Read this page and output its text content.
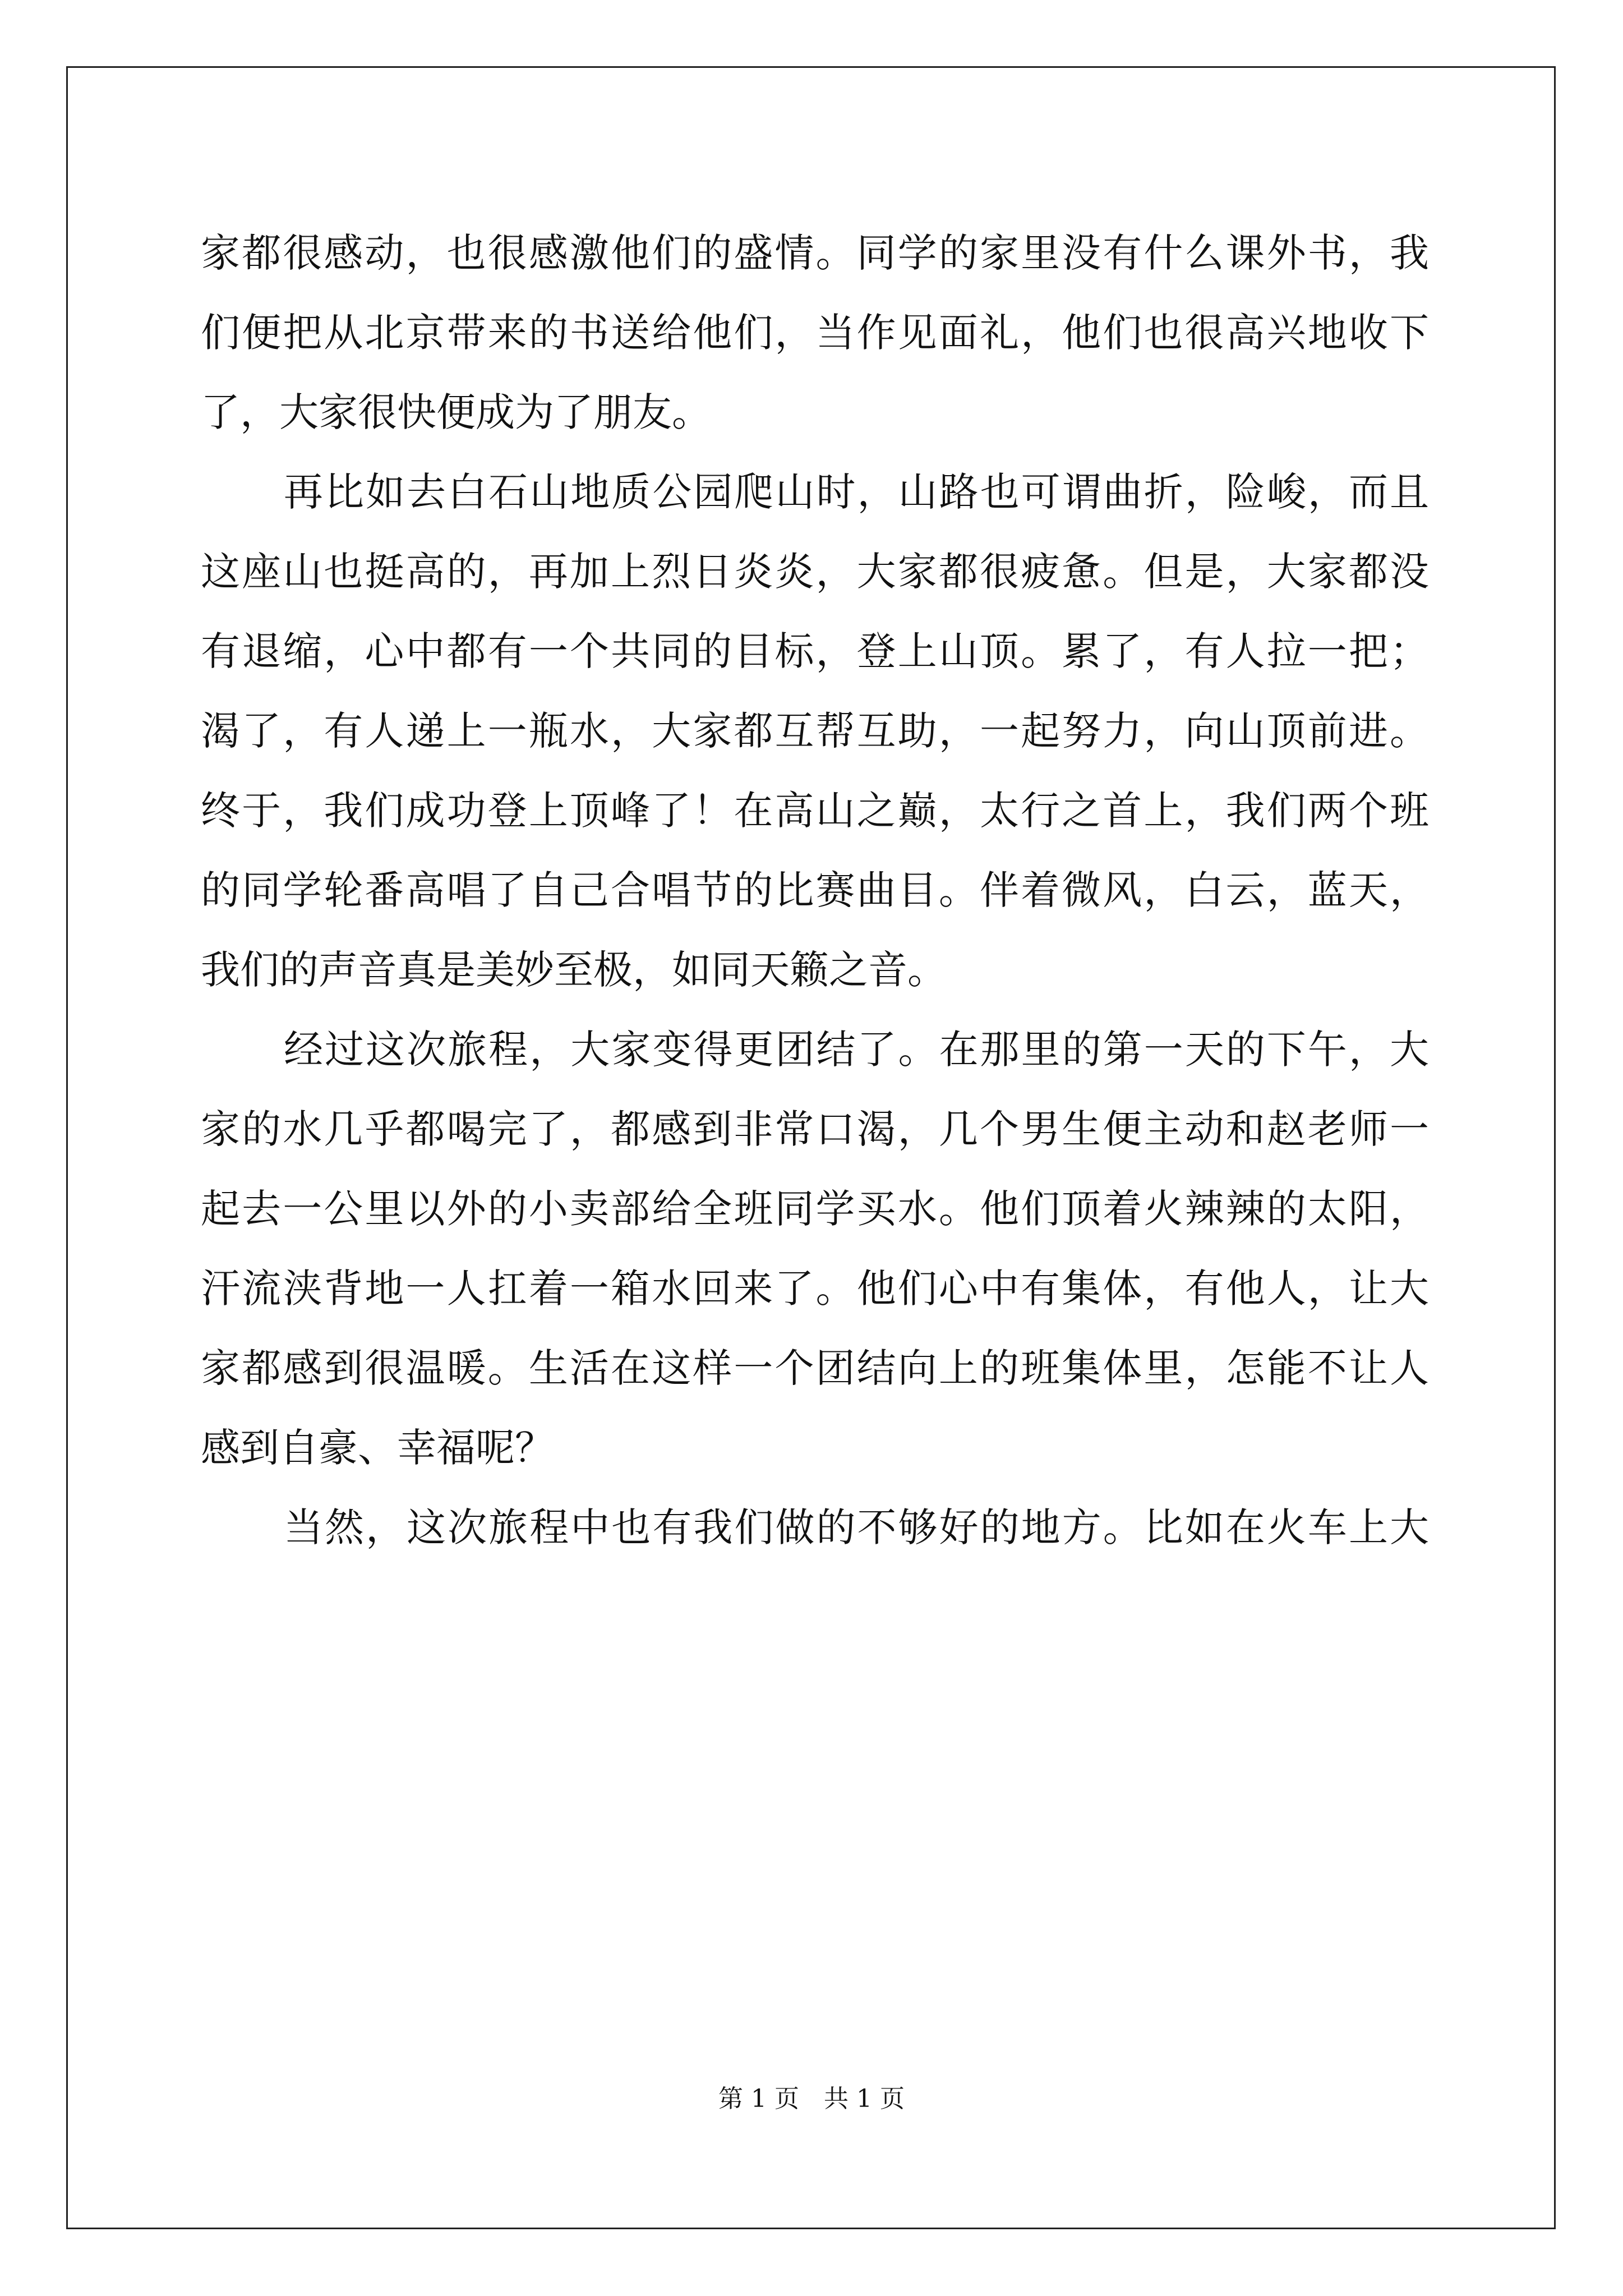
家都很感动，也很感激他们的盛情。同学的家里没有什么课外书，我
们便把从北京带来的书送给他们，当作见面礼，他们也很高兴地收下
了，大家很快便成为了朋友。
再比如去白石山地质公园爬山时，山路也可谓曲折，险峻，而且
这座山也挺高的，再加上烈日炎炎，大家都很疲惫。但是，大家都没
有退缩，心中都有一个共同的目标，登上山顶。累了，有人拉一把；
渴了，有人递上一瓶水，大家都互帮互助，一起努力，向山顶前进。
终于，我们成功登上顶峰了！在高山之巅，太行之首上，我们两个班
的同学轮番高唱了自己合唱节的比赛曲目。伴着微风，白云，蓝天，
我们的声音真是美妙至极，如同天籁之音。
经过这次旅程，大家变得更团结了。在那里的第一天的下午，大
家的水几乎都喝完了，都感到非常口渴，几个男生便主动和赵老师一
起去一公里以外的小卖部给全班同学买水。他们顶着火辣辣的太阳，
汗流浃背地一人扛着一箱水回来了。他们心中有集体，有他人，让大
家都感到很温暖。生活在这样一个团结向上的班集体里，怎能不让人
感到自豪、幸福呢？
当然，这次旅程中也有我们做的不够好的地方。比如在火车上大
第 1 页　共 1 页
